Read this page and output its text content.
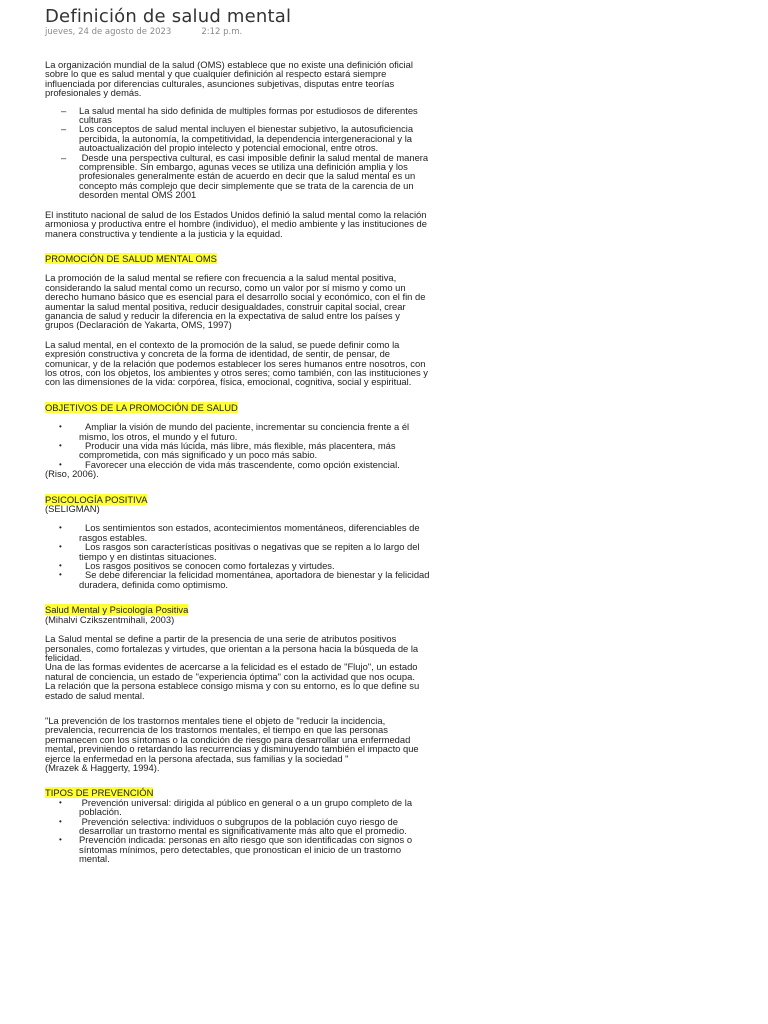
Definición de salud mental
jueves, 24 de agosto de 2023	2:12 p.m.

La organización mundial de la salud (OMS) establece que no existe una definición oficial sobre lo que es salud mental y que cualquier definición al respecto estará siempre influenciada por diferencias culturales, asunciones subjetivas, disputas entre teorías profesionales y demás.

– La salud mental ha sido definida de multiples formas por estudiosos de diferentes culturas
– Los conceptos de salud mental incluyen el bienestar subjetivo, la autosuficiencia percibida, la autonomía, la competitividad, la dependencia intergeneracional y la autoactualización del propio intelecto y potencial emocional, entre otros.
– Desde una perspectiva cultural, es casi imposible definir la salud mental de manera comprensible. Sin embargo, agunas veces se utiliza una definición amplia y los profesionales generalmente están de acuerdo en decir que la salud mental es un concepto más complejo que decir simplemente que se trata de la carencia de un desorden mental OMS 2001

El instituto nacional de salud de los Estados Unidos definió la salud mental como la relación armoniosa y productiva entre el hombre (individuo), el medio ambiente y las instituciones de manera constructiva y tendiente a la justicia y la equidad.

PROMOCIÓN DE SALUD MENTAL OMS

La promoción de la salud mental se refiere con frecuencia a la salud mental positiva, considerando la salud mental como un recurso, como un valor por sí mismo y como un derecho humano básico que es esencial para el desarrollo social y económico, con el fin de aumentar la salud mental positiva, reducir desigualdades, construir capital social, crear ganancia de salud y reducir la diferencia en la expectativa de salud entre los países y grupos (Declaración de Yakarta, OMS, 1997)

La salud mental, en el contexto de la promoción de la salud, se puede definir como la expresión constructiva y concreta de la forma de identidad, de sentir, de pensar, de comunicar, y de la relación que podemos establecer los seres humanos entre nosotros, con los otros, con los objetos, los ambientes y otros seres; como también, con las instituciones y con las dimensiones de la vida: corpórea, física, emocional, cognitiva, social y espiritual.

OBJETIVOS DE LA PROMOCIÓN DE SALUD

• Ampliar la visión de mundo del paciente, incrementar su conciencia frente a él mismo, los otros, el mundo y el futuro.
• Producir una vida más lúcida, más libre, más flexible, más placentera, más comprometida, con más significado y un poco más sabio.
• Favorecer una elección de vida más trascendente, como opción existencial.

(Riso, 2006).

PSICOLOGÍA POSITIVA

(SELIGMAN)

• Los sentimientos son estados, acontecimientos momentáneos, diferenciables de rasgos estables.
• Los rasgos son características positivas o negativas que se repiten a lo largo del tiempo y en distintas situaciones.
• Los rasgos positivos se conocen como fortalezas y virtudes.
• Se debe diferenciar la felicidad momentánea, aportadora de bienestar y la felicidad duradera, definida como optimismo.

Salud Mental y Psicología Positiva

(Mihalvi Czikszentmihali, 2003)

La Salud mental se define a partir de la presencia de una serie de atributos positivos personales, como fortalezas y virtudes, que orientan a la persona hacia la búsqueda de la felicidad.

Una de las formas evidentes de acercarse a la felicidad es el estado de "Flujo", un estado natural de conciencia, un estado de "experiencia óptima" con la actividad que nos ocupa.

La relación que la persona establece consigo misma y con su entorno, es lo que define su estado de salud mental.

"La prevención de los trastornos mentales tiene el objeto de "reducir la incidencia, prevalencia, recurrencia de los trastornos mentales, el tiempo en que las personas permanecen con los síntomas o la condición de riesgo para desarrollar una enfermedad mental, previniendo o retardando las recurrencias y disminuyendo también el impacto que ejerce la enfermedad en la persona afectada, sus familias y la sociedad "

(Mrazek & Haggerty, 1994).

TIPOS DE PREVENCIÓN

• Prevención universal: dirigida al público en general o a un grupo completo de la población.
• Prevención selectiva: individuos o subgrupos de la población cuyo riesgo de desarrollar un trastorno mental es significativamente más alto que el promedio.
• Prevención indicada: personas en alto riesgo que son identificadas con signos o síntomas mínimos, pero detectables, que pronostican el inicio de un trastorno mental.
